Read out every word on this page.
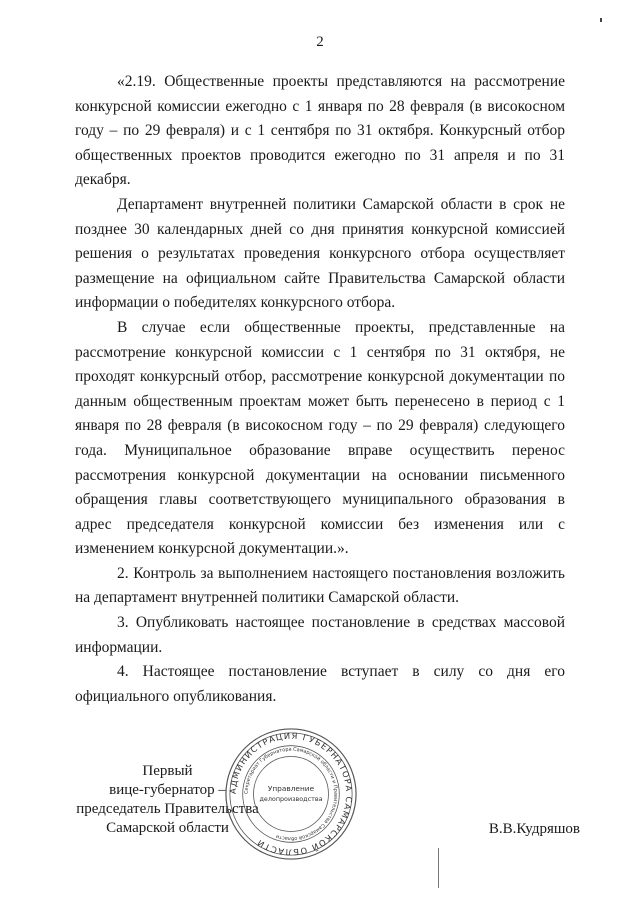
2

«2.19. Общественные проекты представляются на рассмотрение конкурсной комиссии ежегодно с 1 января по 28 февраля (в високосном году – по 29 февраля) и с 1 сентября по 31 октября. Конкурсный отбор общественных проектов проводится ежегодно по 31 апреля и по 31 декабря.

Департамент внутренней политики Самарской области в срок не позднее 30 календарных дней со дня принятия конкурсной комиссией решения о результатах проведения конкурсного отбора осуществляет размещение на официальном сайте Правительства Самарской области информации о победителях конкурсного отбора.

В случае если общественные проекты, представленные на рассмотрение конкурсной комиссии с 1 сентября по 31 октября, не проходят конкурсный отбор, рассмотрение конкурсной документации по данным общественным проектам может быть перенесено в период с 1 января по 28 февраля (в високосном году – по 29 февраля) следующего года. Муниципальное образование вправе осуществить перенос рассмотрения конкурсной документации на основании письменного обращения главы соответствующего муниципального образования в адрес председателя конкурсной комиссии без изменения или с изменением конкурсной документации.».

2. Контроль за выполнением настоящего постановления возложить на департамент внутренней политики Самарской области.

3. Опубликовать настоящее постановление в средствах массовой информации.

4. Настоящее постановление вступает в силу со дня его официального опубликования.

Первый
вице-губернатор –
председатель Правительства
Самарской области	В.В.Кудряшов
АДМИНИСТРАЦИЯ ГУБЕРНАТОРА САМАРСКОЙ ОБЛАСТИ
Секретариат Губернатора Самарской области и Правительства Самарской области
Управление
делопроизводства
